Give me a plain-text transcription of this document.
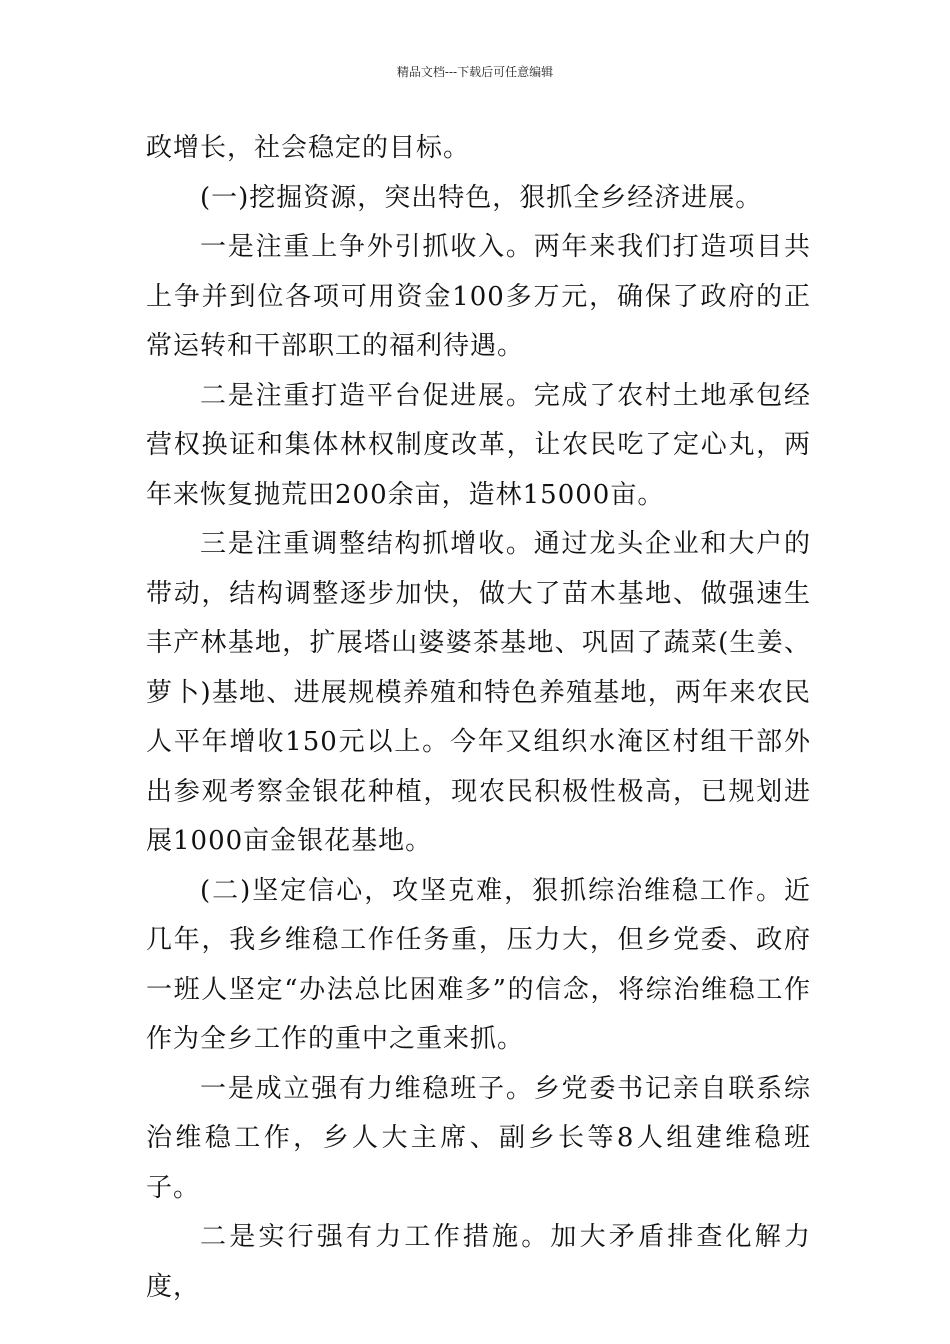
精品文档---下载后可任意编辑

政增长，社会稳定的目标。

(一)挖掘资源，突出特色，狠抓全乡经济进展。

一是注重上争外引抓收入。两年来我们打造项目共上争并到位各项可用资金100多万元，确保了政府的正常运转和干部职工的福利待遇。

二是注重打造平台促进展。完成了农村土地承包经营权换证和集体林权制度改革，让农民吃了定心丸，两年来恢复抛荒田200余亩，造林15000亩。

三是注重调整结构抓增收。通过龙头企业和大户的带动，结构调整逐步加快，做大了苗木基地、做强速生丰产林基地，扩展塔山婆婆茶基地、巩固了蔬菜(生姜、萝卜)基地、进展规模养殖和特色养殖基地，两年来农民人平年增收150元以上。今年又组织水淹区村组干部外出参观考察金银花种植，现农民积极性极高，已规划进展1000亩金银花基地。

(二)坚定信心，攻坚克难，狠抓综治维稳工作。近几年，我乡维稳工作任务重，压力大，但乡党委、政府一班人坚定“办法总比困难多”的信念，将综治维稳工作作为全乡工作的重中之重来抓。

一是成立强有力维稳班子。乡党委书记亲自联系综治维稳工作，乡人大主席、副乡长等8人组建维稳班子。

二是实行强有力工作措施。加大矛盾排查化解力度，
